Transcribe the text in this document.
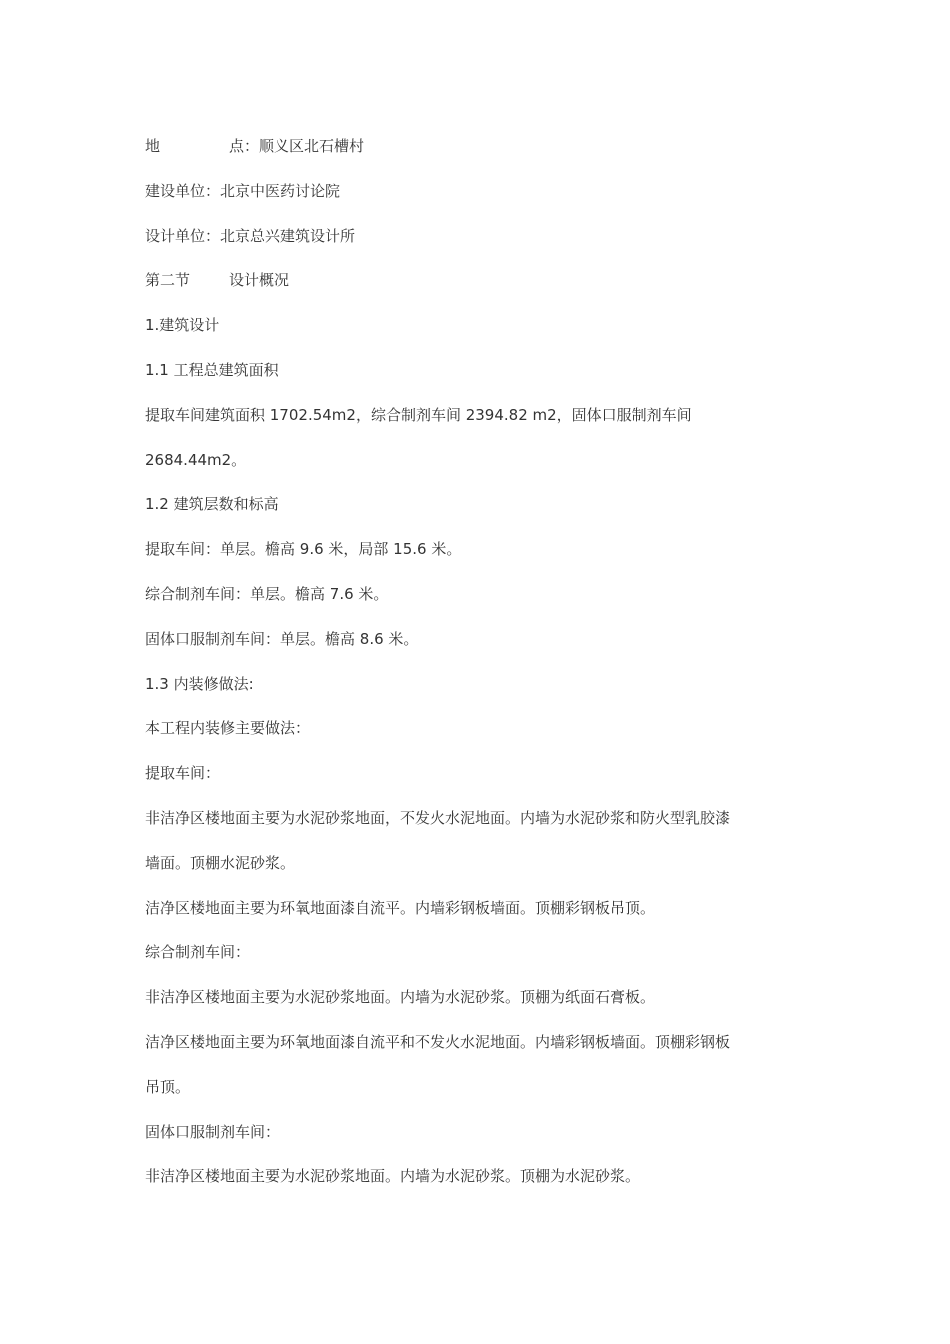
地	点：顺义区北石槽村
建设单位：北京中医药讨论院
设计单位：北京总兴建筑设计所
第二节	设计概况
1.建筑设计
1.1 工程总建筑面积
提取车间建筑面积 1702.54m2，综合制剂车间 2394.82 m2，固体口服制剂车间
2684.44m2。
1.2 建筑层数和标高
提取车间：单层。檐高 9.6 米，局部 15.6 米。
综合制剂车间：单层。檐高 7.6 米。
固体口服制剂车间：单层。檐高 8.6 米。
1.3 内装修做法:
本工程内装修主要做法：
提取车间：
非洁净区楼地面主要为水泥砂浆地面，不发火水泥地面。内墙为水泥砂浆和防火型乳胶漆
墙面。顶棚水泥砂浆。
洁净区楼地面主要为环氧地面漆自流平。内墙彩钢板墙面。顶棚彩钢板吊顶。
综合制剂车间：
非洁净区楼地面主要为水泥砂浆地面。内墙为水泥砂浆。顶棚为纸面石膏板。
洁净区楼地面主要为环氧地面漆自流平和不发火水泥地面。内墙彩钢板墙面。顶棚彩钢板
吊顶。
固体口服制剂车间：
非洁净区楼地面主要为水泥砂浆地面。内墙为水泥砂浆。顶棚为水泥砂浆。
